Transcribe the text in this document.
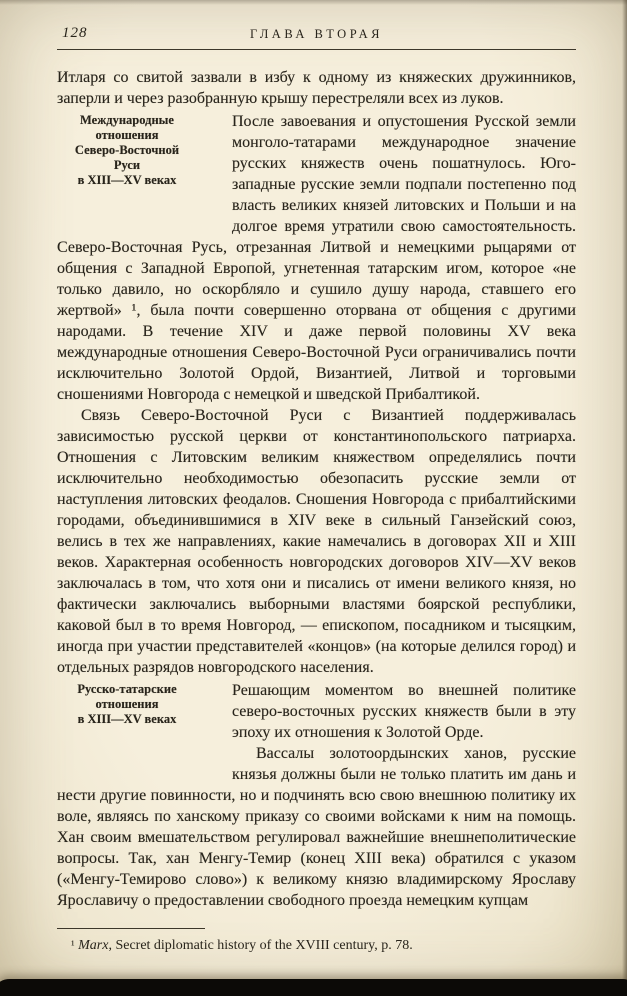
128	ГЛАВА ВТОРАЯ

Итларя со свитой зазвали в избу к одному из княжеских дружинников, заперли и через разобранную крышу перестреляли всех из луков.

Международные
отношения
Северо-Восточной
Руси
в XIII—XV веках

После завоевания и опустошения Русской земли монголо-татарами международное значение русских княжеств очень пошатнулось. Юго-западные русские земли подпали постепенно под власть великих князей литовских и Польши и на долгое время утратили свою самостоятельность. Северо-Восточная Русь, отрезанная Литвой и немецкими рыцарями от общения с Западной Европой, угнетенная татарским игом, которое «не только давило, но оскорбляло и сушило душу народа, ставшего его жертвой» ¹, была почти совершенно оторвана от общения с другими народами. В течение XIV и даже первой половины XV века международные отношения Северо-Восточной Руси ограничивались почти исключительно Золотой Ордой, Византией, Литвой и торговыми сношениями Новгорода с немецкой и шведской Прибалтикой.

Связь Северо-Восточной Руси с Византией поддерживалась зависимостью русской церкви от константинопольского патриарха. Отношения с Литовским великим княжеством определялись почти исключительно необходимостью обезопасить русские земли от наступления литовских феодалов. Сношения Новгорода с прибалтийскими городами, объединившимися в XIV веке в сильный Ганзейский союз, велись в тех же направлениях, какие намечались в договорах XII и XIII веков. Характерная особенность новгородских договоров XIV—XV веков заключалась в том, что хотя они и писались от имени великого князя, но фактически заключались выборными властями боярской республики, каковой был в то время Новгород, — епископом, посадником и тысяцким, иногда при участии представителей «концов» (на которые делился город) и отдельных разрядов новгородского населения.

Русско-татарские
отношения
в XIII—XV веках

Решающим моментом во внешней политике северо-восточных русских княжеств были в эту эпоху их отношения к Золотой Орде.

Вассалы золотоордынских ханов, русские князья должны были не только платить им дань и нести другие повинности, но и подчинять всю свою внешнюю политику их воле, являясь по ханскому приказу со своими войсками к ним на помощь. Хан своим вмешательством регулировал важнейшие внешнеполитические вопросы. Так, хан Менгу-Темир (конец XIII века) обратился с указом («Менгу-Темирово слово») к великому князю владимирскому Ярославу Ярославичу о предоставлении свободного проезда немецким купцам

¹ Marx, Secret diplomatic history of the XVIII century, p. 78.
